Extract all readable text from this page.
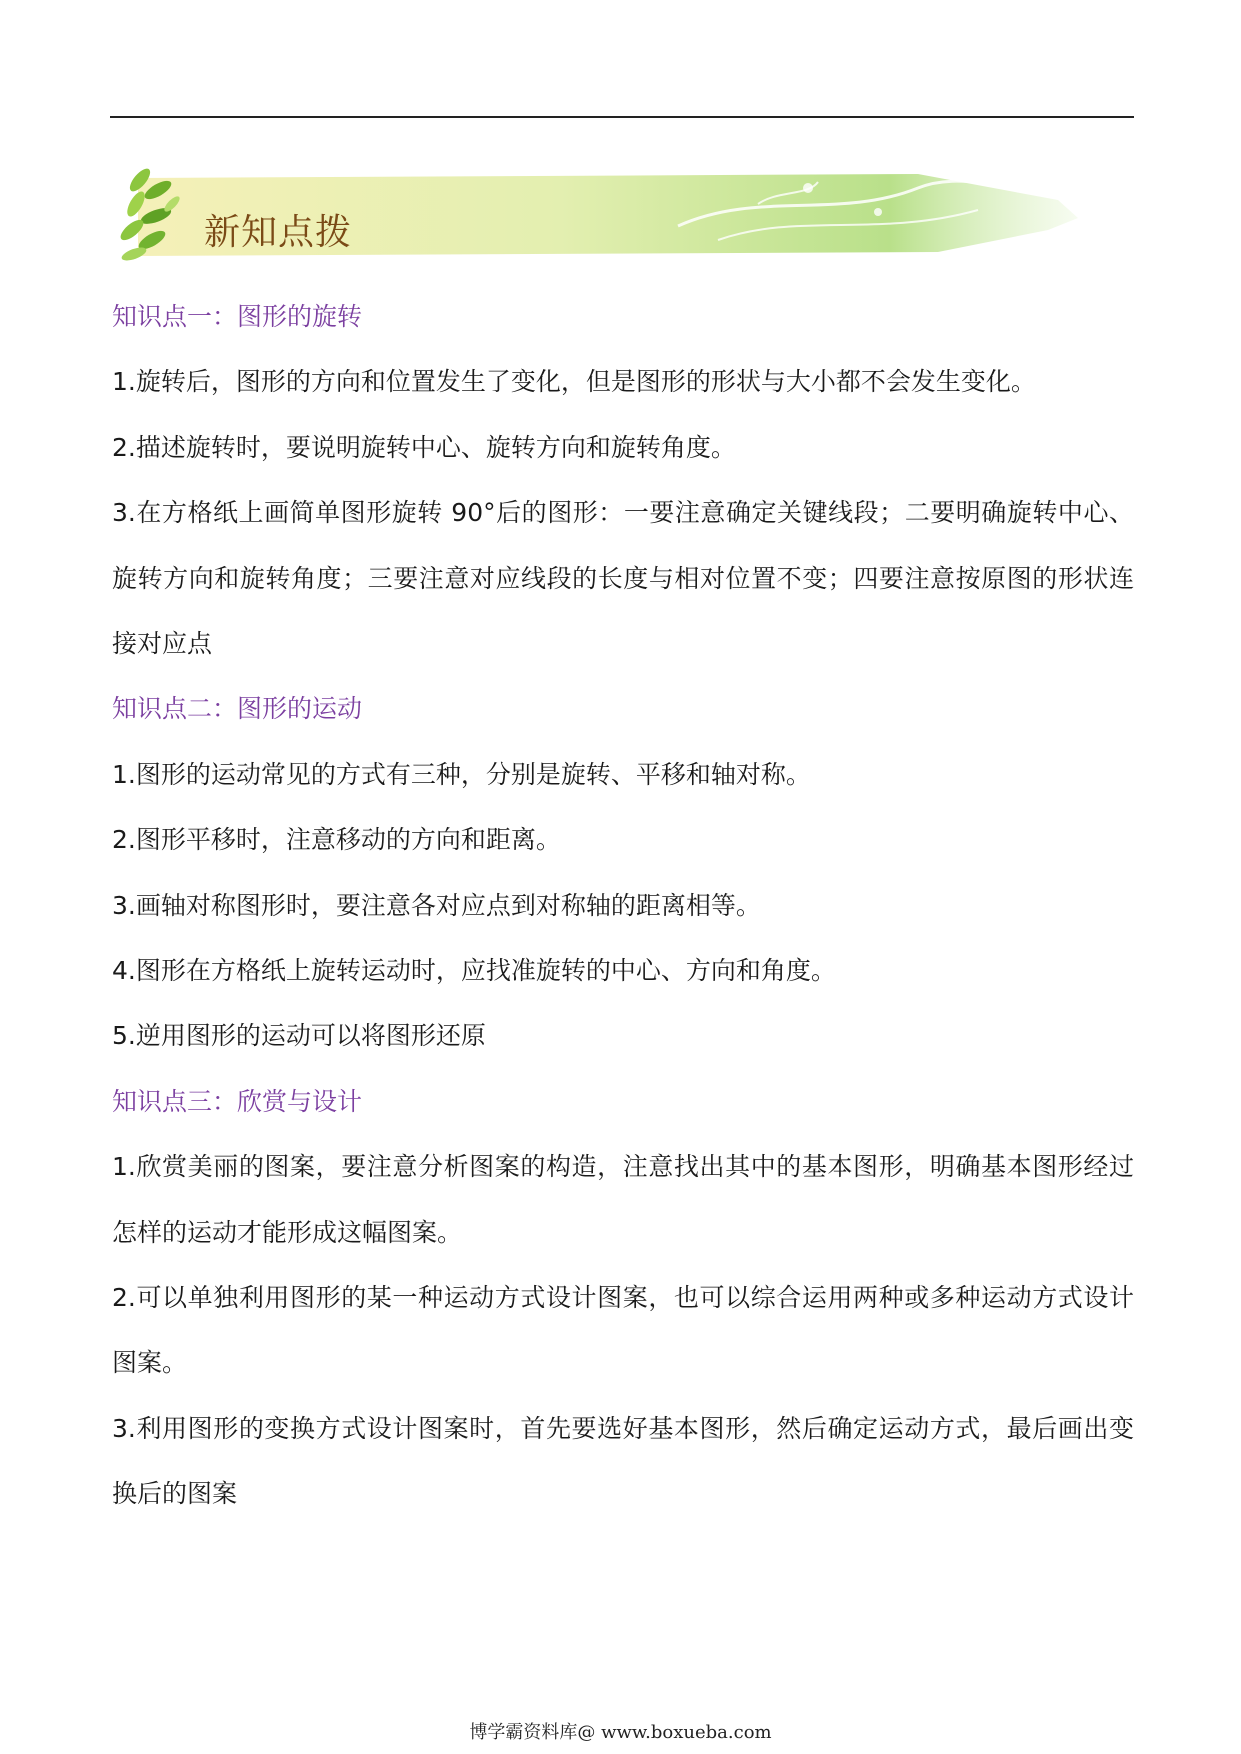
新知点拨

知识点一：图形的旋转

1.旋转后，图形的方向和位置发生了变化，但是图形的形状与大小都不会发生变化。

2.描述旋转时，要说明旋转中心、旋转方向和旋转角度。

3.在方格纸上画简单图形旋转 90°后的图形：一要注意确定关键线段；二要明确旋转中心、旋转方向和旋转角度；三要注意对应线段的长度与相对位置不变；四要注意按原图的形状连接对应点

知识点二：图形的运动

1.图形的运动常见的方式有三种，分别是旋转、平移和轴对称。

2.图形平移时，注意移动的方向和距离。

3.画轴对称图形时，要注意各对应点到对称轴的距离相等。

4.图形在方格纸上旋转运动时，应找准旋转的中心、方向和角度。

5.逆用图形的运动可以将图形还原

知识点三：欣赏与设计

1.欣赏美丽的图案，要注意分析图案的构造，注意找出其中的基本图形，明确基本图形经过怎样的运动才能形成这幅图案。

2.可以单独利用图形的某一种运动方式设计图案，也可以综合运用两种或多种运动方式设计图案。

3.利用图形的变换方式设计图案时，首先要选好基本图形，然后确定运动方式，最后画出变换后的图案

博学霸资料库@ www.boxueba.com
